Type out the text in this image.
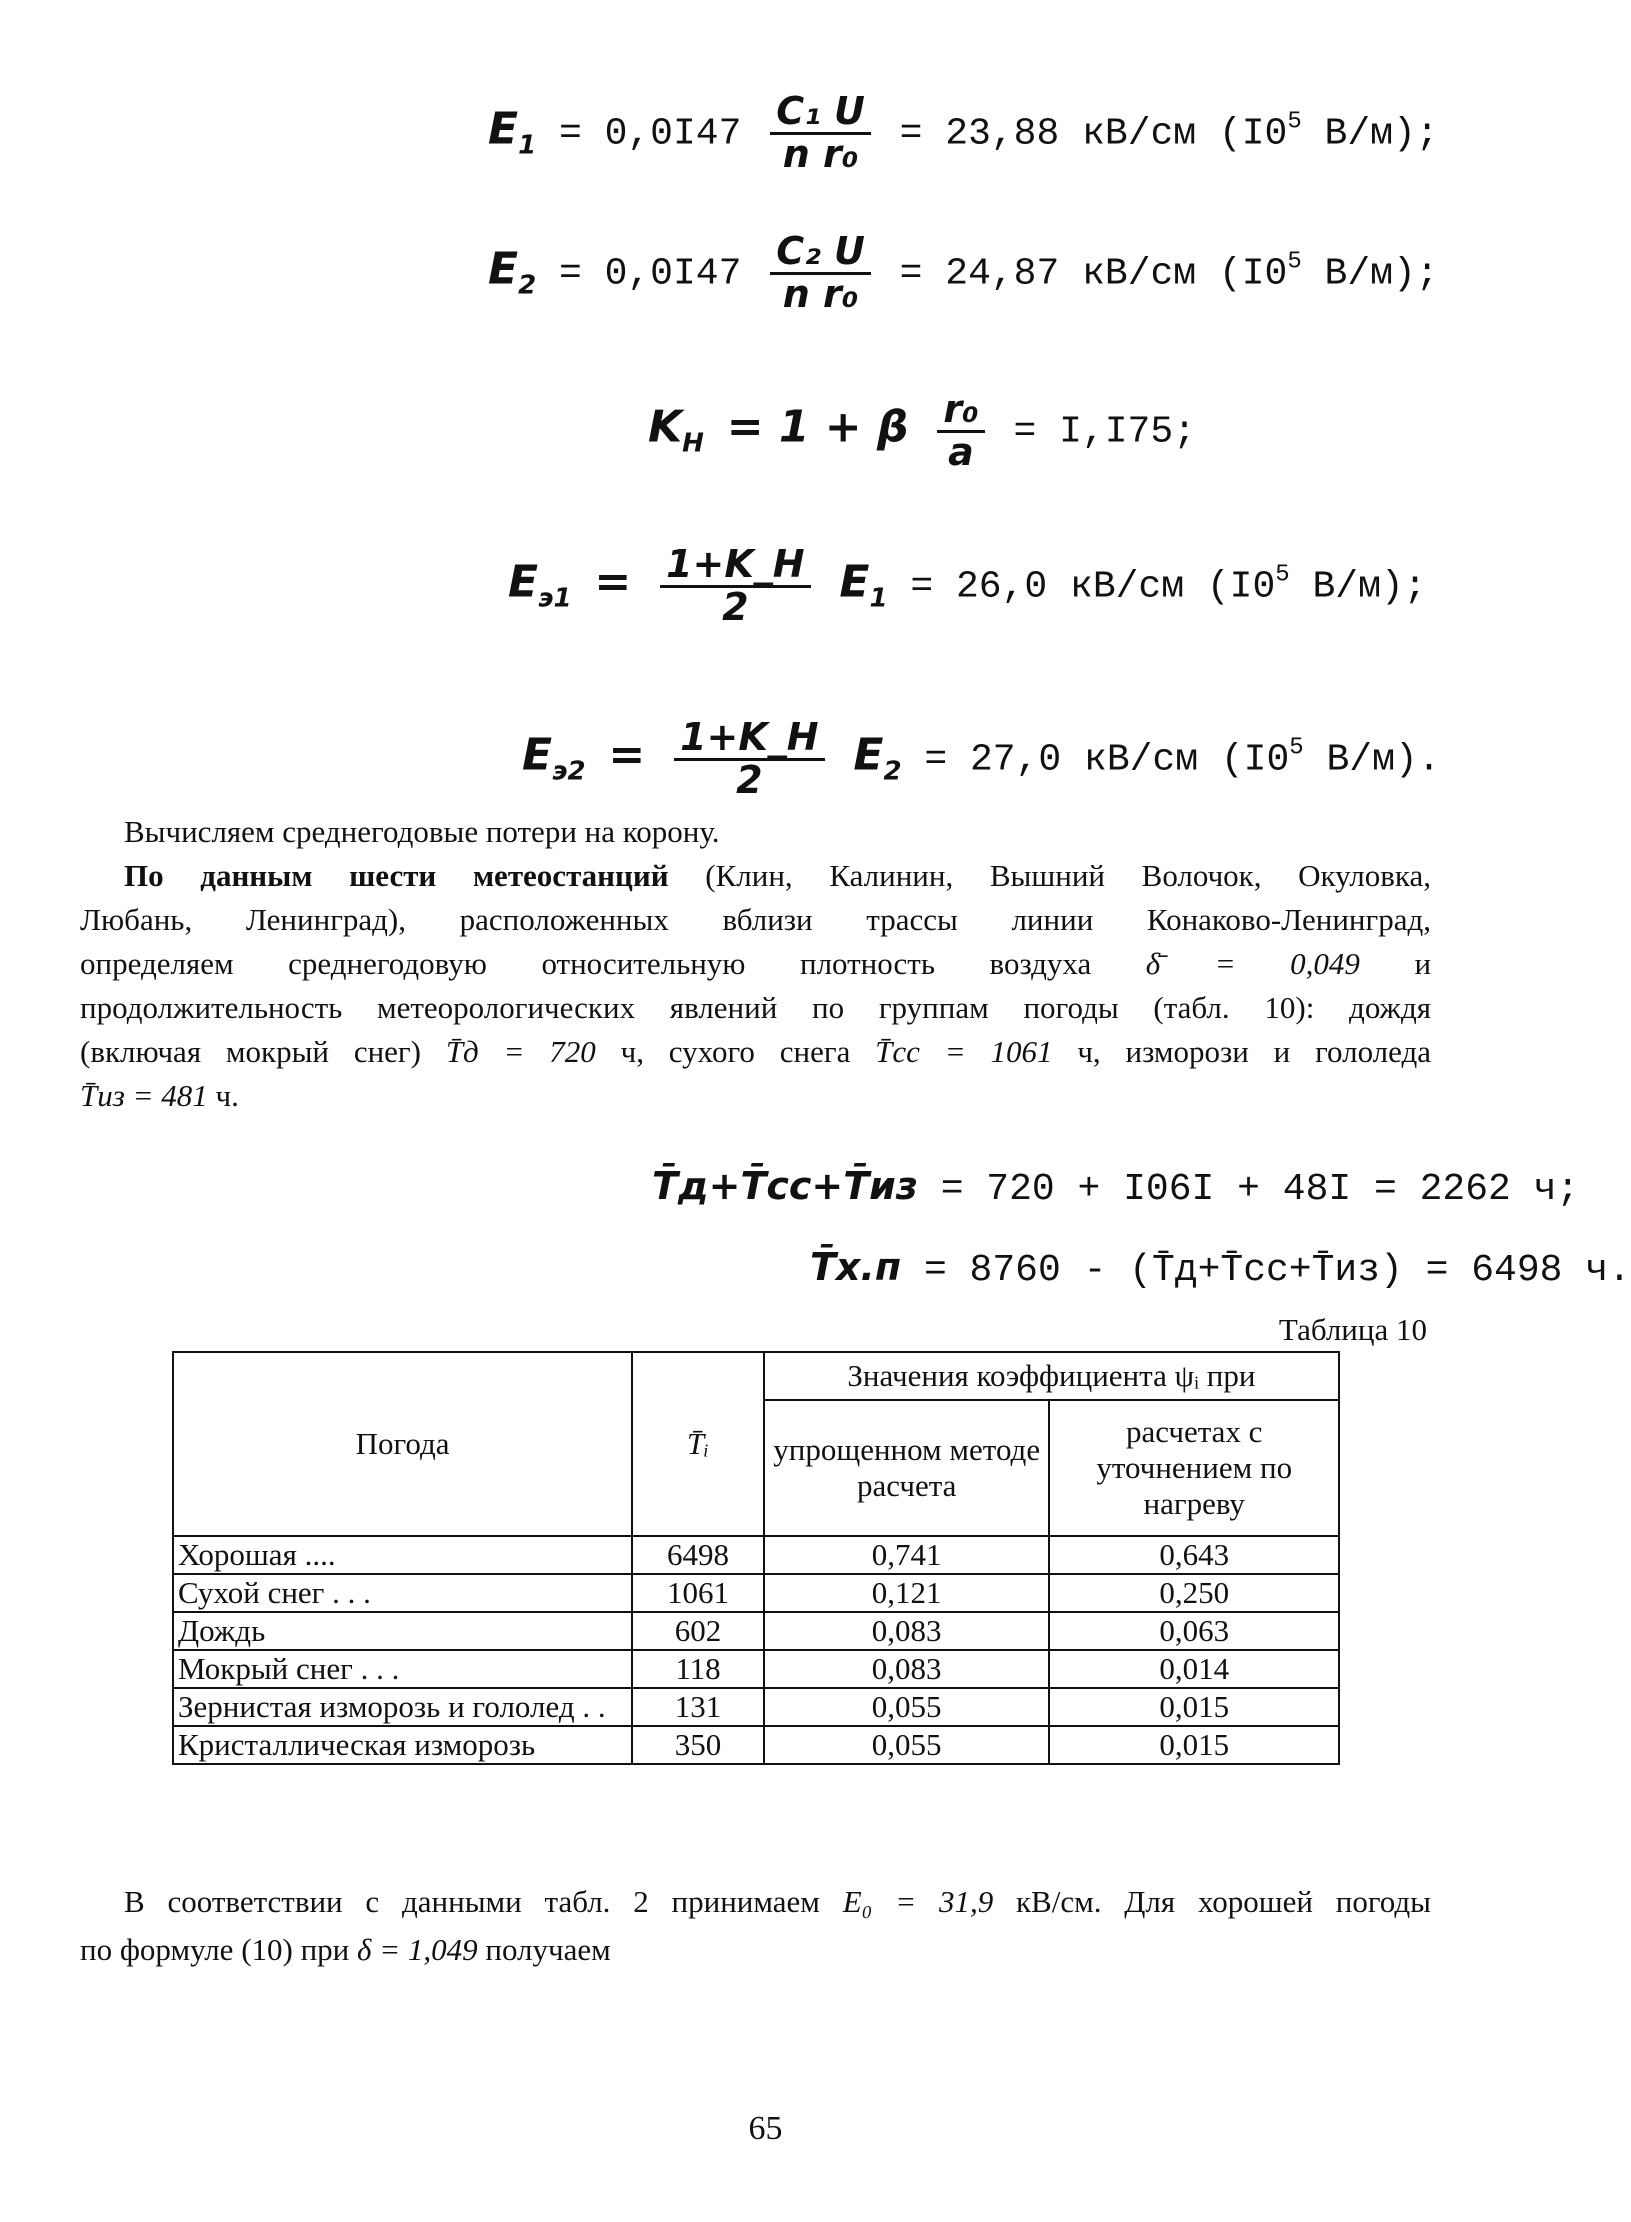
$E_1 = 0,0I47 \frac{\text{C₁ U}}{\text{n r₀}} = 23,88$ кВ/см ($I0^5$ В/м);
$E_2 = 0,0I47 \frac{\text{C₂ U}}{\text{n r₀}} = 24,87$ кВ/см ($I0^5$ В/м);
$K_Н = 1 + \beta \frac{\text{r₀}}{a} = I,I75$;
$E_{э1} = \frac{1+K\_Н}{2} E_1 = 26,0$ кВ/см ($I0^5$ В/м);
$E_{э2} = \frac{1+K\_Н}{2} E_2 = 27,0$ кВ/см ($I0^5$ В/м).
Вычисляем среднегодовые потери на корону.
По данным шести метеостанций (Клин, Калинин, Вышний Волочок, Окуловка,
Любань, Ленинград), расположенных вблизи трассы линии Конаково-Ленинград,
определяем среднегодовую относительную плотность воздуха δ̄ = 0,049 и
продолжительность метеорологических явлений по группам погоды (табл. 10): дождя
(включая мокрый снег) T̄д = 720 ч, сухого снега T̄сс = 1061 ч, изморози и гололеда
T̄из = 481 ч.
T̄д+T̄сс+T̄из = 720 + I06I + 48I = 2262 ч;
T̄х.п = 8760 - (T̄д+T̄сс+T̄из) = 6498 ч.
Таблица 10
Погода	T̄ᵢ	Значения коэффициента ψᵢ при	
		упрощенном методе расчета	расчетах с уточнением по нагреву
Хорошая ....	6498	0,741	0,643
Сухой снег . . .	1061	0,121	0,250
Дождь	602	0,083	0,063
Мокрый снег . . .	118	0,083	0,014
Зернистая изморозь и гололед . .	131	0,055	0,015
Кристаллическая изморозь	350	0,055	0,015
В соответствии с данными табл. 2 принимаем E₀ = 31,9 кВ/см. Для хорошей погоды
по формуле (10) при δ = 1,049 получаем
65
